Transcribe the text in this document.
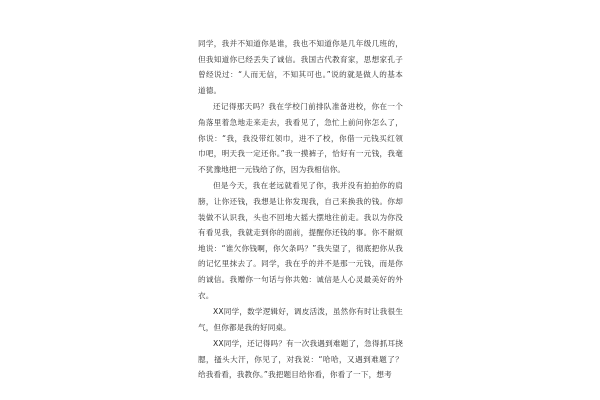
同学，我并不知道你是谁，我也不知道你是几年级几班的，但我知道你已经丢失了诚信。我国古代教育家，思想家孔子曾经说过：“人而无信，不知其可也。”说的就是做人的基本道德。

还记得那天吗？我在学校门前排队准备进校，你在一个角落里着急地走来走去，我看见了，急忙上前问你怎么了，你说：“我，我没带红领巾，进不了校，你借一元钱买红领巾吧，明天我一定还你。”我一摸裤子，恰好有一元钱，我毫不犹豫地把一元钱给了你，因为我相信你。

但是今天，我在老远就看见了你，我并没有拍拍你的肩膀，让你还钱，我想是让你发现我，自己来换我的钱。你却装做不认识我，头也不回地大摇大摆地往前走。我以为你没有看见我，我就走到你的面前，提醒你还钱的事。你不耐烦地说：“谁欠你钱啊，你欠条吗？”我失望了，彻底把你从我的记忆里抹去了。同学，我在乎的并不是那一元钱，而是你的诚信。我赠你一句话与你共勉：诚信是人心灵最美好的外衣。

XX同学，数学逻辑好，调皮活泼，虽然你有时让我很生气，但你都是我的好同桌。

XX同学，还记得吗？有一次我遇到难题了，急得抓耳挠腮，搔头大汗，你见了，对我说：“哈哈，又遇到难题了？给我看看，我教你。”我把题目给你看，你看了一下，想考
